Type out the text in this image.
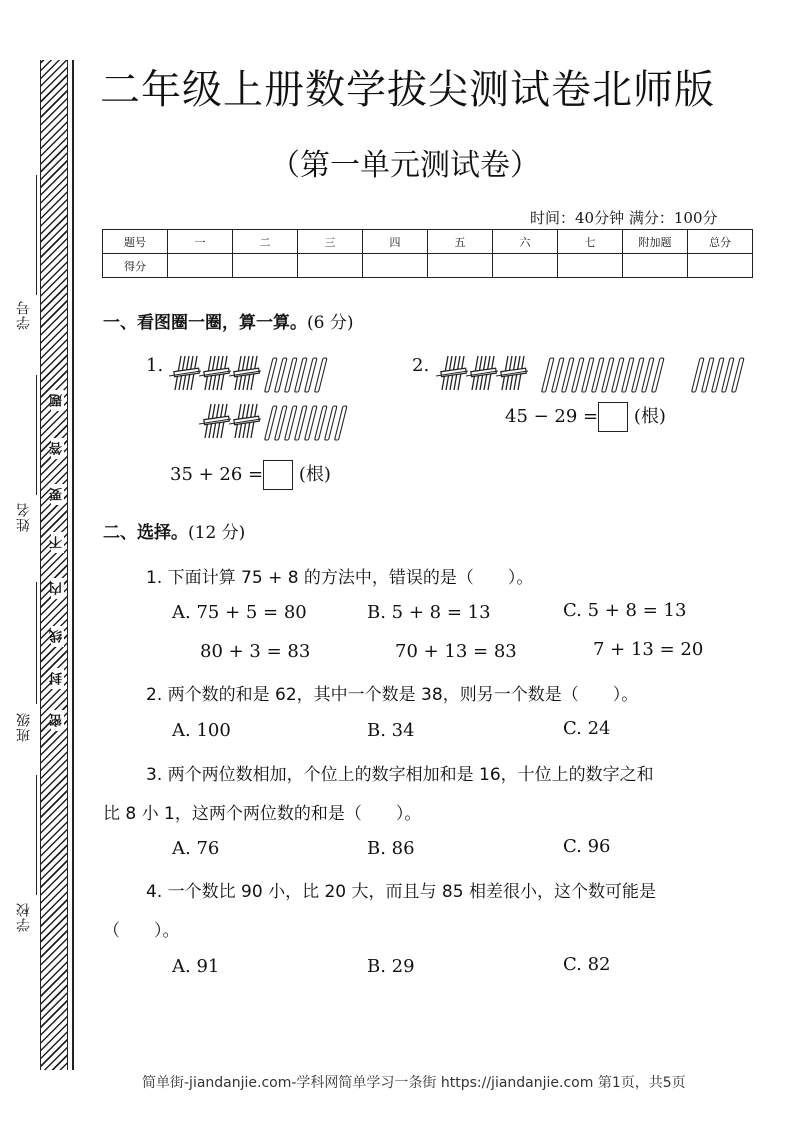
学号
姓名
班级
学校
密
封
线
内
不
要
答
题
二年级上册数学拔尖测试卷北师版
（第一单元测试卷）
时间：40分钟 满分：100分
题号	一	二	三	四	五	六	七	附加题	总分
得分									
一、看图圈一圈，算一算。(6 分)
1.
35 + 26 = (根)
2.
45 − 29 = (根)
二、选择。(12 分)
1. 下面计算 75 + 8 的方法中，错误的是（　　）。
A. 75 + 5 = 80
80 + 3 = 83
B. 5 + 8 = 13
70 + 13 = 83
C. 5 + 8 = 13
7 + 13 = 20
2. 两个数的和是 62，其中一个数是 38，则另一个数是（　　）。
A. 100	B. 34	C. 24
3. 两个两位数相加，个位上的数字相加和是 16，十位上的数字之和
比 8 小 1，这两个两位数的和是（　　）。
A. 76	B. 86	C. 96
4. 一个数比 90 小，比 20 大，而且与 85 相差很小，这个数可能是
（　　）。
A. 91	B. 29	C. 82
简单街-jiandanjie.com-学科网简单学习一条街 https://jiandanjie.com 第1页，共5页
